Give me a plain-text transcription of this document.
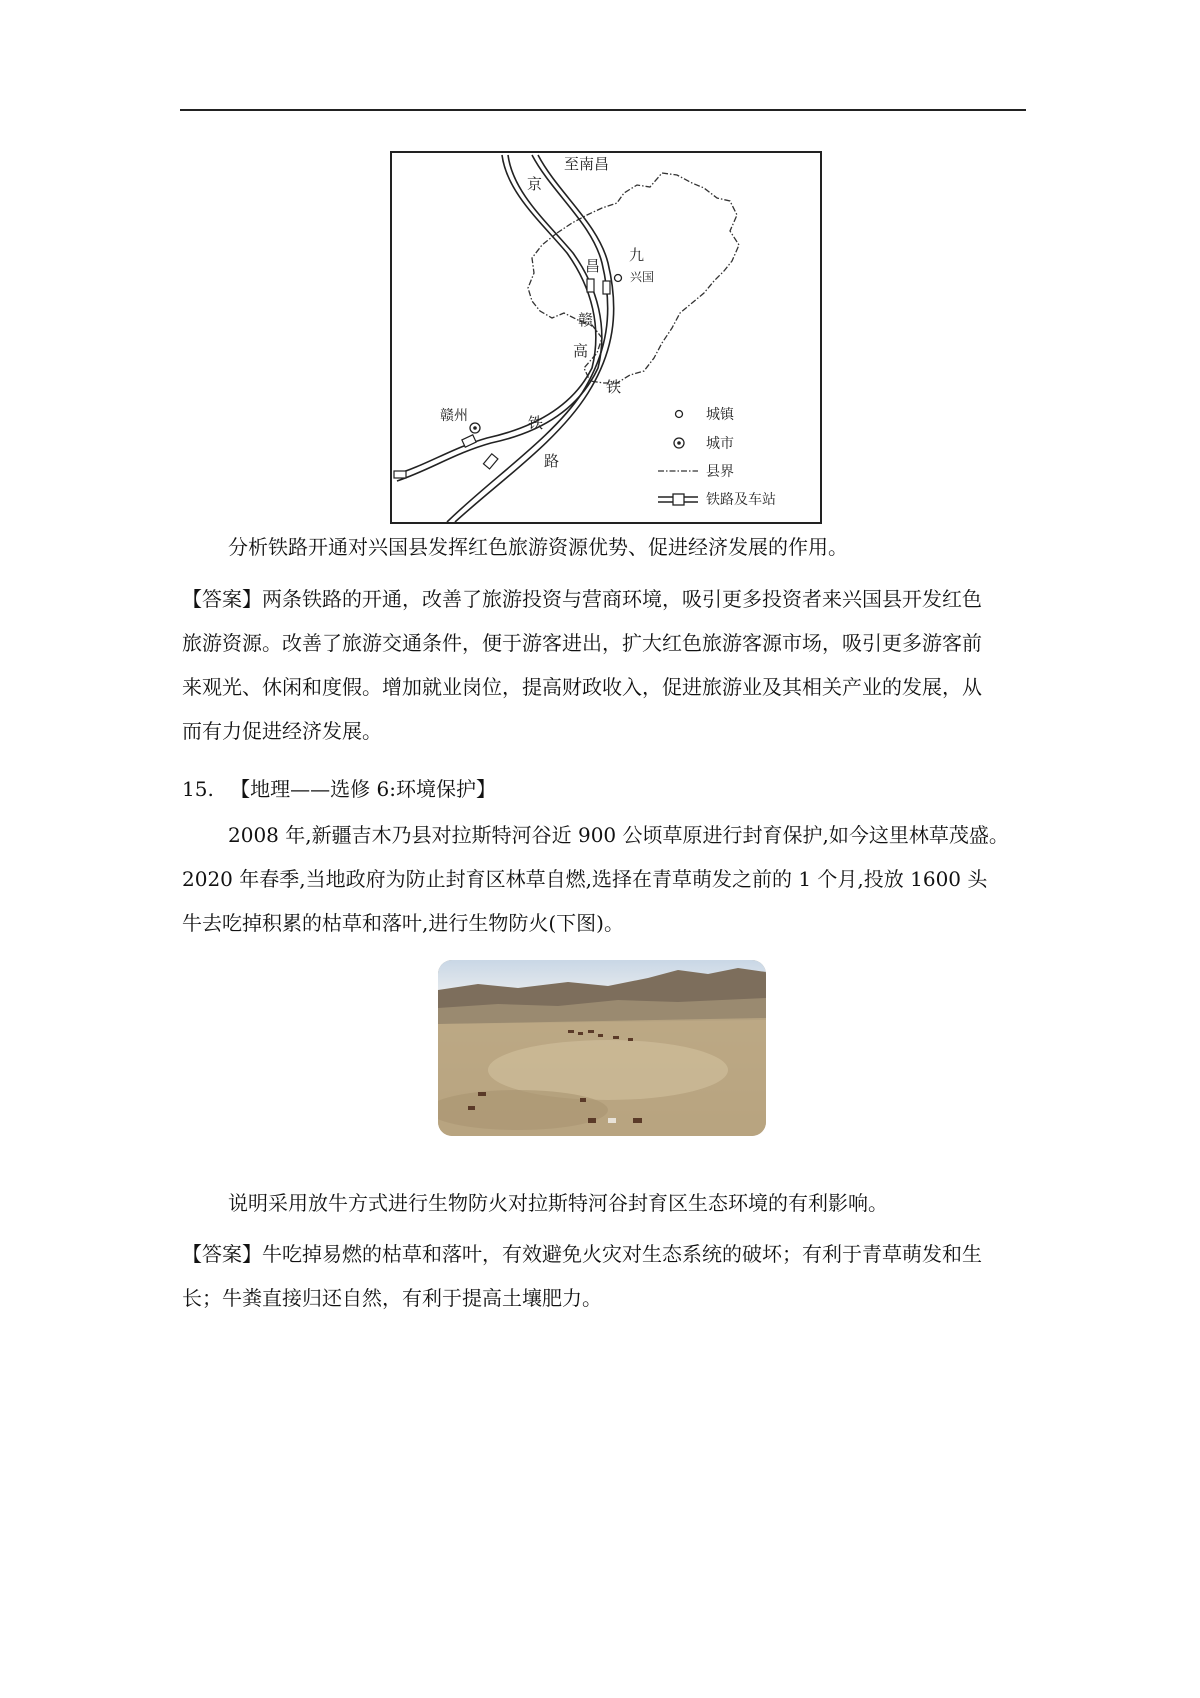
至南昌
京
九
昌
兴国
赣
高
铁
铁
路
赣州	城镇
城市
县界
铁路及车站

分析铁路开通对兴国县发挥红色旅游资源优势、促进经济发展的作用。

【答案】两条铁路的开通，改善了旅游投资与营商环境，吸引更多投资者来兴国县开发红色
旅游资源。改善了旅游交通条件，便于游客进出，扩大红色旅游客源市场，吸引更多游客前
来观光、休闲和度假。增加就业岗位，提高财政收入，促进旅游业及其相关产业的发展，从
而有力促进经济发展。

15. 【地理——选修 6:环境保护】

2008 年,新疆吉木乃县对拉斯特河谷近 900 公顷草原进行封育保护,如今这里林草茂盛。
2020 年春季,当地政府为防止封育区林草自燃,选择在青草萌发之前的 1 个月,投放 1600 头
牛去吃掉积累的枯草和落叶,进行生物防火(下图)。

说明采用放牛方式进行生物防火对拉斯特河谷封育区生态环境的有利影响。

【答案】牛吃掉易燃的枯草和落叶，有效避免火灾对生态系统的破坏；有利于青草萌发和生
长；牛粪直接归还自然，有利于提高土壤肥力。
